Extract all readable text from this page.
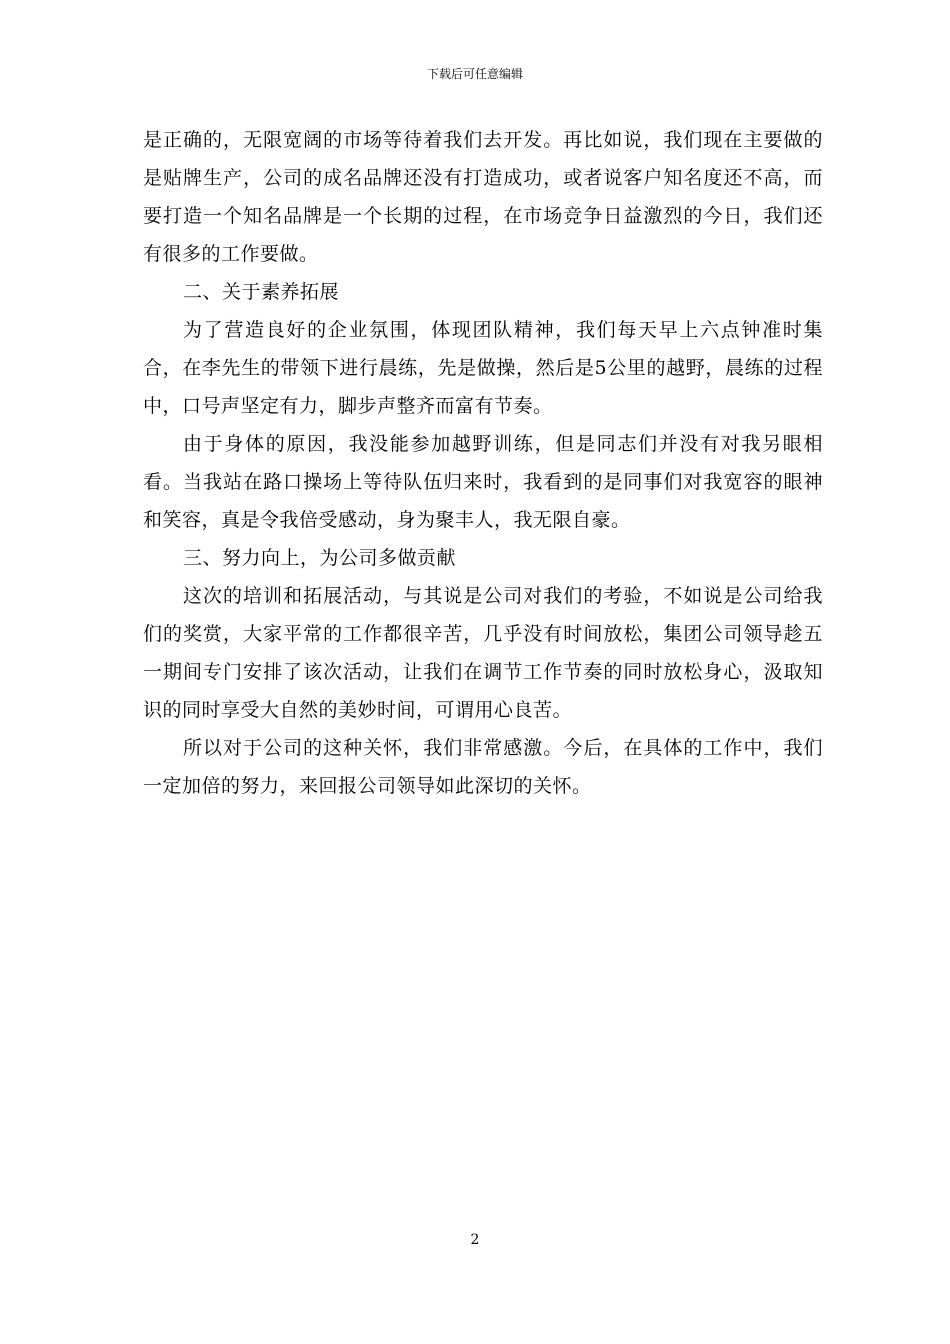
下载后可任意编辑

是正确的，无限宽阔的市场等待着我们去开发。再比如说，我们现在主要做的是贴牌生产，公司的成名品牌还没有打造成功，或者说客户知名度还不高，而要打造一个知名品牌是一个长期的过程，在市场竞争日益激烈的今日，我们还有很多的工作要做。

二、关于素养拓展

为了营造良好的企业氛围，体现团队精神，我们每天早上六点钟准时集合，在李先生的带领下进行晨练，先是做操，然后是5公里的越野，晨练的过程中，口号声坚定有力，脚步声整齐而富有节奏。

由于身体的原因，我没能参加越野训练，但是同志们并没有对我另眼相看。当我站在路口操场上等待队伍归来时，我看到的是同事们对我宽容的眼神和笑容，真是令我倍受感动，身为聚丰人，我无限自豪。

三、努力向上，为公司多做贡献

这次的培训和拓展活动，与其说是公司对我们的考验，不如说是公司给我们的奖赏，大家平常的工作都很辛苦，几乎没有时间放松，集团公司领导趁五一期间专门安排了该次活动，让我们在调节工作节奏的同时放松身心，汲取知识的同时享受大自然的美妙时间，可谓用心良苦。

所以对于公司的这种关怀，我们非常感激。今后，在具体的工作中，我们一定加倍的努力，来回报公司领导如此深切的关怀。

2
